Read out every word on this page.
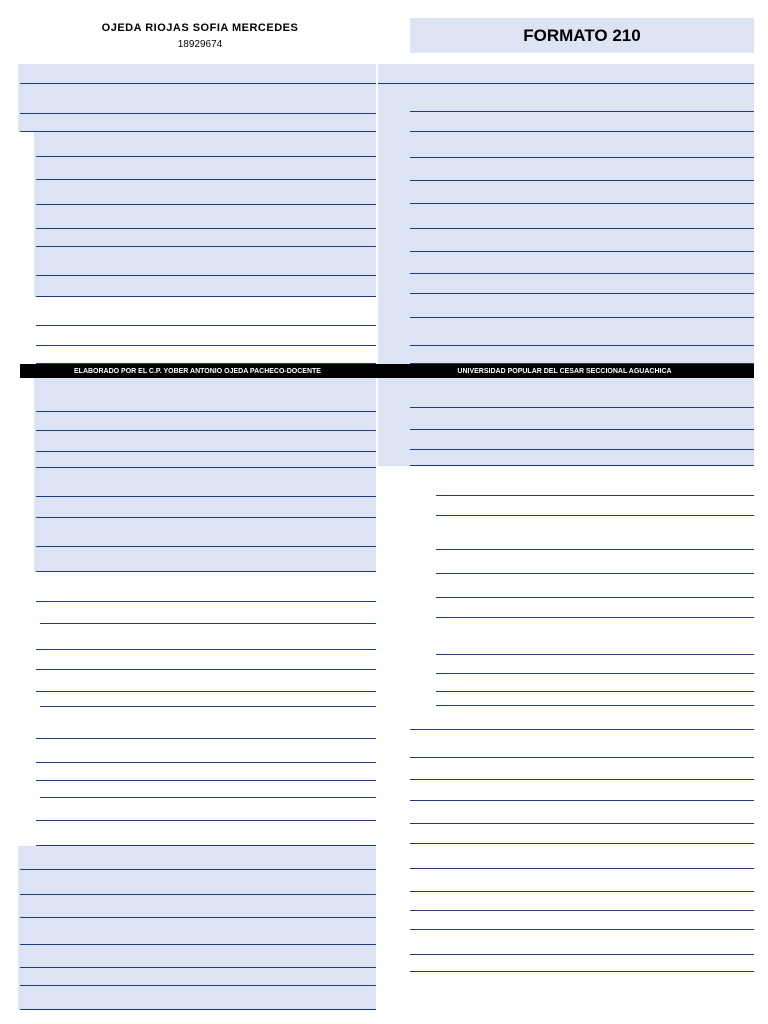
OJEDA RIOJAS SOFIA MERCEDES
18929674	FORMATO 210
ELABORADO POR EL C.P. YOBER ANTONIO OJEDA PACHECO-DOCENTE	UNIVERSIDAD POPULAR DEL CESAR SECCIONAL AGUACHICA
